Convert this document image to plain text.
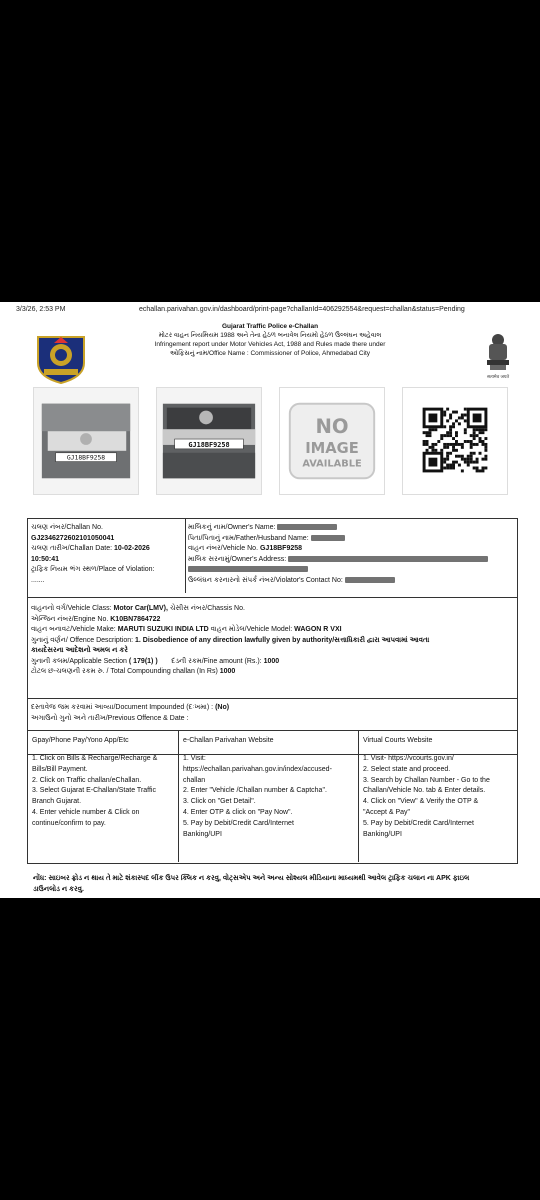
3/3/26, 2:53 PM	echallan.parivahan.gov.in/dashboard/print-page?challanId=406292554&request=challan&status=Pending
सत्यमेव जयते
Gujarat Traffic Police e-Challan
મોટર વાહન નિયમિયમ 1988 અને તેના હેઠળ બનાવેલ નિયમો હેઠળ ઉલ્લંઘન અહેવાલ
Infringement report under Motor Vehicles Act, 1988 and Rules made there under
ઓફિસનું નામ/Office Name : Commissioner of Police, Ahmedabad City
GJ18BF9258
GJ18BF9258
NO
IMAGE
AVAILABLE
ચલણ નંબર/Challan No.
GJ2346272602101050041
ચલણ તારીખ/Challan Date: 10-02-2026
10:50:41
ટ્રાફિક નિયમ ભંગ સ્થળ/Place of Violation:
.......
માલિકનું નામ/Owner's Name:
પિતા/પિતાનું નામ/Father/Husband Name:
વાહન નંબર/Vehicle No. GJ18BF9258
માલિક સરનામું/Owner's Address:
ઉલ્લંઘન કરનારનો સંપર્ક નંબર/Violator's Contact No:
વાહનનો વર્ગ/Vehicle Class: Motor Car(LMV), ચેસીસ નંબર/Chassis No.
એન્જિન નંબર/Engine No. K10BN7864722
વાહન બનાવટ/Vehicle Make: MARUTI SUZUKI INDIA LTD વાહન મોડેલ/Vehicle Model: WAGON R VXI
ગુનાનું વર્ણન/ Offence Description: 1. Disobedience of any direction lawfully given by authority/સત્તાધિકારી દ્વારા આપવામાં આવતા
કાયદેસરના આદેશનો અમલ ન કરે
ગુનાની કલમ/Applicable Section ( 179(1) ) દંડની રકમ/Fine amount (Rs.): 1000
ટોટલ છ-ચલણની રકમ રુ. / Total Compounding challan (In Rs) 1000
દસ્તાવેજ જમ કરવામાં આવ્યા/Document Impounded (દઃખમા) : (No)
અગાઉનો ગુનો અને તારીખ/Previous Offence & Date :
Gpay/Phone Pay/Yono App/Etc
1. Click on Bills & Recharge/Recharge &
Bills/Bill Payment.
2. Click on Traffic challan/eChallan.
3. Select Gujarat E-Challan/State Traffic
Branch Gujarat.
4. Enter vehicle number & Click on
continue/confirm to pay.
e-Challan Parivahan Website
1. Visit:
https://echallan.parivahan.gov.in/index/accused-
challan
2. Enter "Vehicle /Challan number & Captcha".
3. Click on "Get Detail".
4. Enter OTP & click on "Pay Now".
5. Pay by Debit/Credit Card/Internet
Banking/UPI
Virtual Courts Website
1. Visit- https://vcourts.gov.in/
2. Select state and proceed.
3. Search by Challan Number - Go to the
Challan/Vehicle No. tab & Enter details.
4. Click on "View" & Verify the OTP &
"Accept & Pay"
5. Pay by Debit/Credit Card/Internet
Banking/UPI
નોંધ: સાઇબર ફ્રોડ ન થાય તે માટે શંકાસ્પદ લીંક ઉપર ક્લિક ન કરવુ, વોટ્સએપ અને અન્ય સોશ્યલ મીડિયાના માધ્યમથી આવેલ ટ્રાફિક ચલાન ના APK ફાઇલ
ડાઉનલોડ ન કરવુ.
